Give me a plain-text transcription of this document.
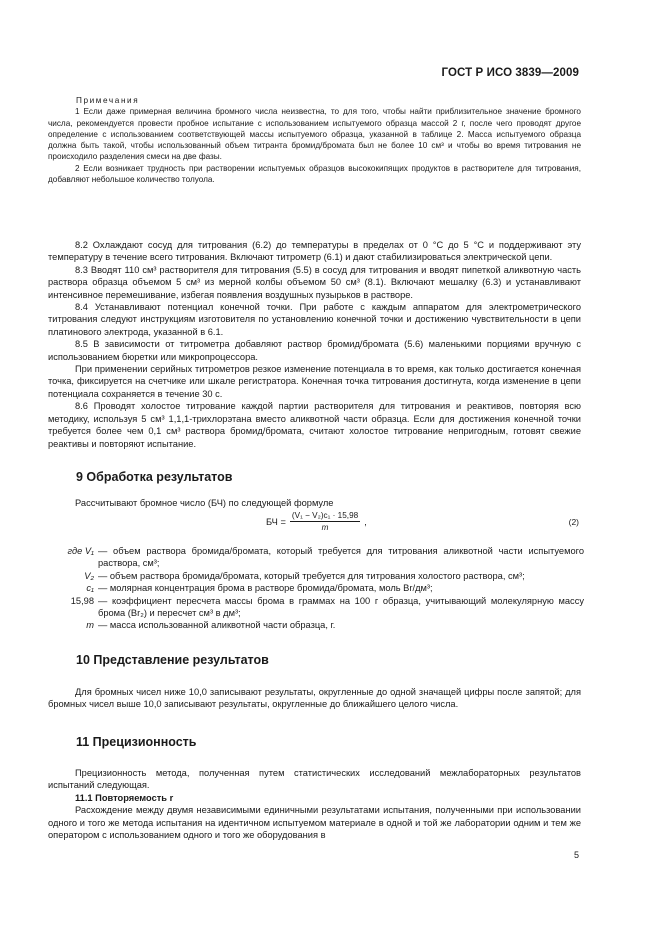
ГОСТ Р ИСО 3839—2009
Примечания

1 Если даже примерная величина бромного числа неизвестна, то для того, чтобы найти приблизительное значение бромного числа, рекомендуется провести пробное испытание с использованием испытуемого образца массой 2 г, после чего проводят другое определение с использованием соответствующей массы испытуемого образца, указанной в таблице 2. Масса испытуемого образца должна быть такой, чтобы использованный объем титранта бромид/бромата был не более 10 см³ и чтобы во время титрования не происходило разделения смеси на две фазы.

2 Если возникает трудность при растворении испытуемых образцов высококипящих продуктов в растворителе для титрования, добавляют небольшое количество толуола.

8.2 Охлаждают сосуд для титрования (6.2) до температуры в пределах от 0 °С до 5 °С и поддерживают эту температуру в течение всего титрования. Включают титрометр (6.1) и дают стабилизироваться электрической цепи.

8.3 Вводят 110 см³ растворителя для титрования (5.5) в сосуд для титрования и вводят пипеткой аликвотную часть раствора образца объемом 5 см³ из мерной колбы объемом 50 см³ (8.1). Включают мешалку (6.3) и устанавливают интенсивное перемешивание, избегая появления воздушных пузырьков в растворе.

8.4 Устанавливают потенциал конечной точки. При работе с каждым аппаратом для электрометрического титрования следуют инструкциям изготовителя по установлению конечной точки и достижению чувствительности в цепи платинового электрода, указанной в 6.1.

8.5 В зависимости от титрометра добавляют раствор бромид/бромата (5.6) маленькими порциями вручную с использованием бюретки или микропроцессора.

При применении серийных титрометров резкое изменение потенциала в то время, как только достигается конечная точка, фиксируется на счетчике или шкале регистратора. Конечная точка титрования достигнута, когда изменение в цепи потенциала сохраняется в течение 30 с.

8.6 Проводят холостое титрование каждой партии растворителя для титрования и реактивов, повторяя всю методику, используя 5 см³ 1,1,1-трихлорэтана вместо аликвотной части образца. Если для достижения конечной точки требуется более чем 0,1 см³ раствора бромид/бромата, считают холостое титрование непригодным, готовят свежие реактивы и повторяют испытание.

9 Обработка результатов

Рассчитывают бромное число (БЧ) по следующей формуле

БЧ = $\frac{\text{(V₁ − V₂)c₁ · 15,98}}{m}$ ,	(2)
где V₁ — объем раствора бромида/бромата, который требуется для титрования аликвотной части испытуемого раствора, см³;
V₂ — объем раствора бромида/бромата, который требуется для титрования холостого раствора, см³;
c₁ — молярная концентрация брома в растворе бромида/бромата, моль Br/дм³;
15,98 — коэффициент пересчета массы брома в граммах на 100 г образца, учитывающий молекулярную массу брома (Br₂) и пересчет см³ в дм³;
m — масса использованной аликвотной части образца, г.
10 Представление результатов

Для бромных чисел ниже 10,0 записывают результаты, округленные до одной значащей цифры после запятой; для бромных чисел выше 10,0 записывают результаты, округленные до ближайшего целого числа.

11 Прецизионность

Прецизионность метода, полученная путем статистических исследований межлабораторных результатов испытаний следующая.

11.1 Повторяемость r

Расхождение между двумя независимыми единичными результатами испытания, полученными при использовании одного и того же метода испытания на идентичном испытуемом материале в одной и той же лаборатории одним и тем же оператором с использованием одного и того же оборудования в

5
